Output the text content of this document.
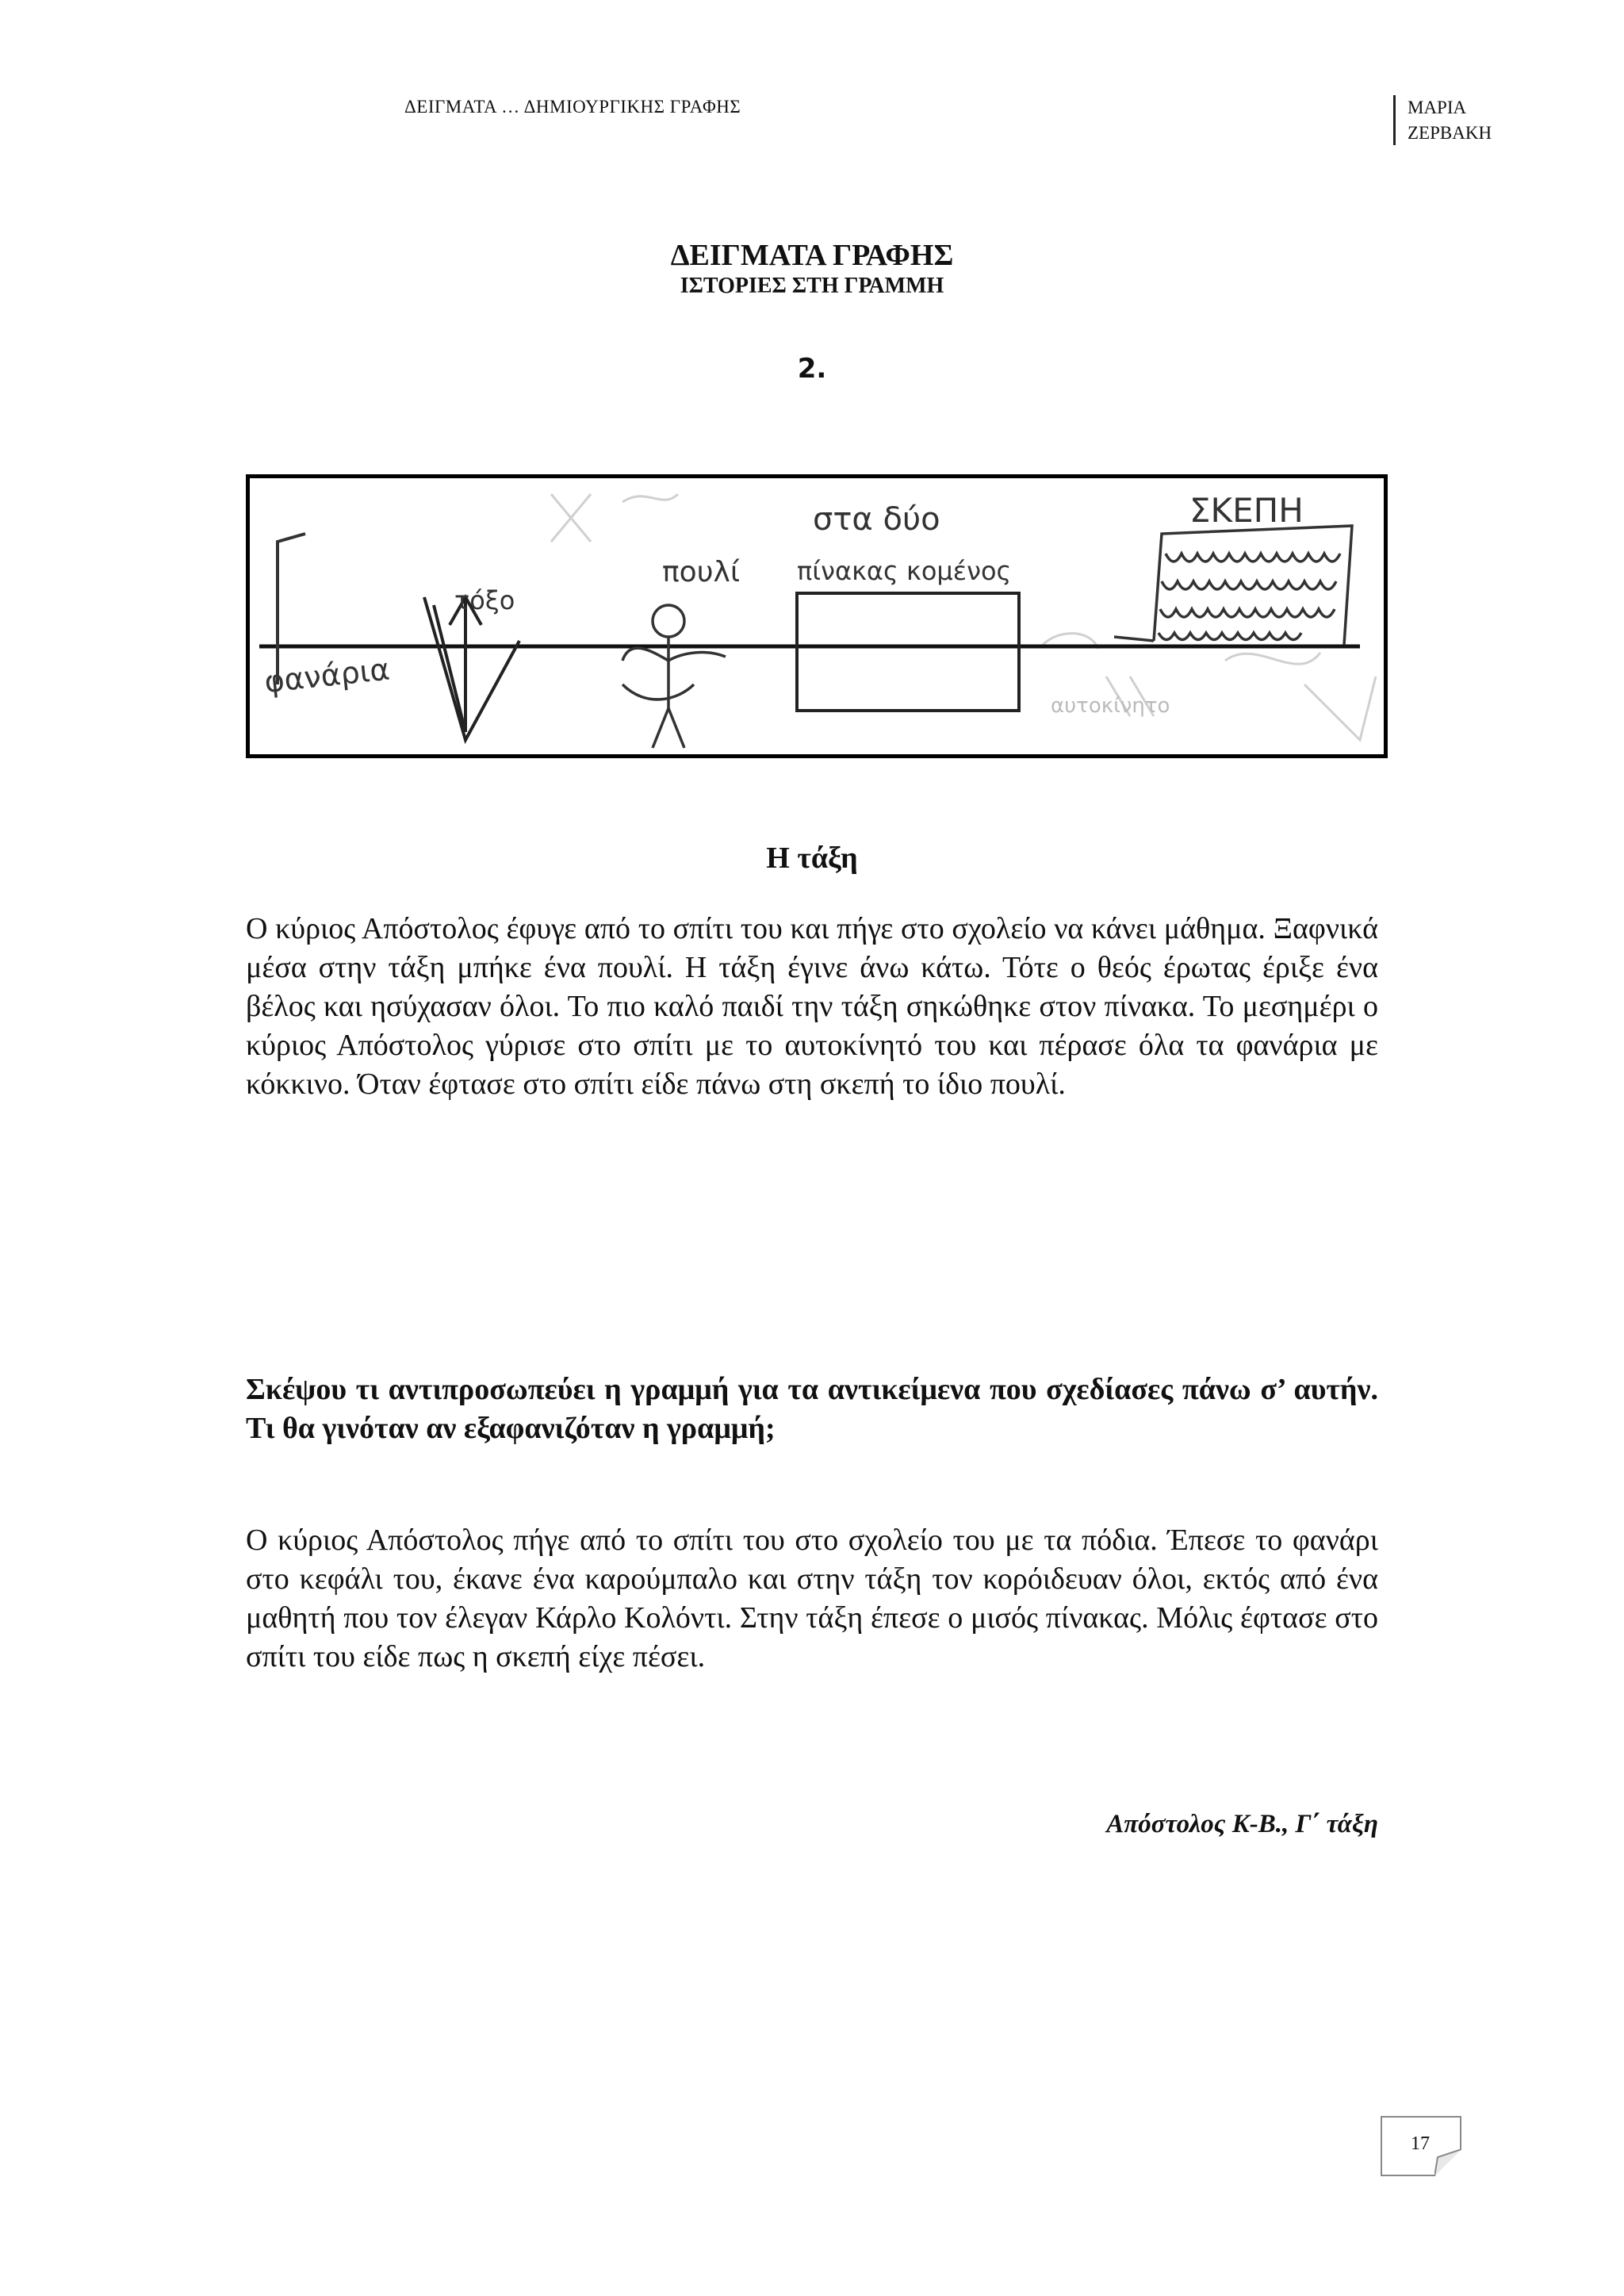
ΔΕΙΓΜΑΤΑ … ΔΗΜΙΟΥΡΓΙΚΗΣ ΓΡΑΦΗΣ	ΜΑΡΙΑ
ΖΕΡΒΑΚΗ
ΔΕΙΓΜΑΤΑ ΓΡΑΦΗΣ
ΙΣΤΟΡΙΕΣ ΣΤΗ ΓΡΑΜΜΗ
2.
αυτοκίνητο
φανάρια
τόξο
πουλί
στα δύο
πίνακας κομένος
ΣΚΕΠΗ
Η τάξη

Ο κύριος Απόστολος έφυγε από το σπίτι του και πήγε στο σχολείο να κάνει μάθημα. Ξαφνικά μέσα στην τάξη μπήκε ένα πουλί. Η τάξη έγινε άνω κάτω. Τότε ο θεός έρωτας έριξε ένα βέλος και ησύχασαν όλοι. Το πιο καλό παιδί την τάξη σηκώθηκε στον πίνακα. Το μεσημέρι ο κύριος Απόστολος γύρισε στο σπίτι με το αυτοκίνητό του και πέρασε όλα τα φανάρια με κόκκινο. Όταν έφτασε στο σπίτι είδε πάνω στη σκεπή το ίδιο πουλί.

Σκέψου τι αντιπροσωπεύει η γραμμή για τα αντικείμενα που σχεδίασες πάνω σ’ αυτήν. Τι θα γινόταν αν εξαφανιζόταν η γραμμή;

Ο κύριος Απόστολος πήγε από το σπίτι του στο σχολείο του με τα πόδια. Έπεσε το φανάρι στο κεφάλι του, έκανε ένα καρούμπαλο και στην τάξη τον κορόιδευαν όλοι, εκτός από ένα μαθητή που τον έλεγαν Κάρλο Κολόντι. Στην τάξη έπεσε ο μισός πίνακας. Μόλις έφτασε στο σπίτι του είδε πως η σκεπή είχε πέσει.

Απόστολος Κ-Β., Γ΄ τάξη
17
